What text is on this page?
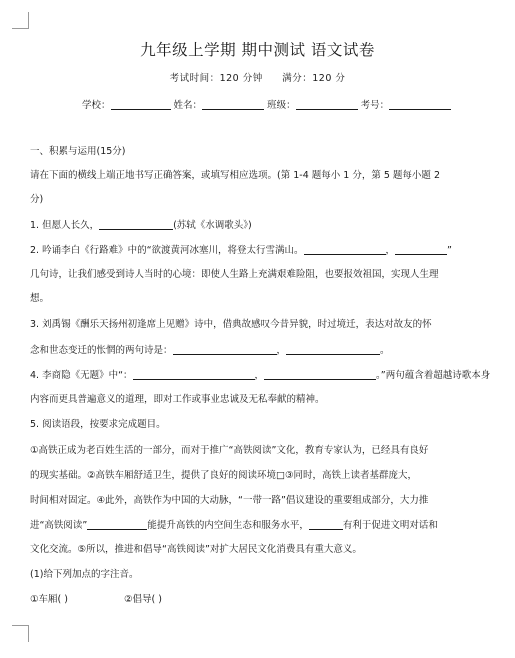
九年级上学期 期中测试 语文试卷
考试时间：120 分钟 满分：120 分
学校：	姓名：	班级：	考号：
一、积累与运用(15分)
请在下面的横线上端正地书写正确答案，或填写相应选项。(第 1-4 题每小 1 分，第 5 题每小题 2
分)
1. 但愿人长久，	(苏轼《水调歌头》)
2. 吟诵李白《行路难》中的“欲渡黄河冰塞川，将登太行雪满山。	，	”
几句诗，让我们感受到诗人当时的心境：即使人生路上充满艰难险阻，也要报效祖国，实现人生理
想。
3. 刘禹锡《酬乐天扬州初逢席上见赠》诗中，借典故感叹今昔异貌，时过境迁，表达对故友的怀
念和世态变迁的怅惘的两句诗是：	，	。
4. 李商隐《无题》中“：	，	。”两句蕴含着超越诗歌本身
内容而更具普遍意义的道理，即对工作或事业忠诚及无私奉献的精神。
5. 阅读语段，按要求完成题目。
①高铁正成为老百姓生活的一部分，而对于推广“高铁阅读”文化，教育专家认为，已经具有良好
的现实基础。②高铁车厢舒适卫生，提供了良好的阅读环境□③同时，高铁上读者基群庞大，
时间相对固定。④此外，高铁作为中国的大动脉，“一带一路”倡议建设的重要组成部分，大力推
进“高铁阅读”	能提升高铁的内空间生态和服务水平，	有利于促进文明对话和
文化交流。⑤所以，推进和倡导“高铁阅读”对扩大居民文化消费具有重大意义。
(1)给下列加点的字注音。
①车厢( )	②倡导( )
